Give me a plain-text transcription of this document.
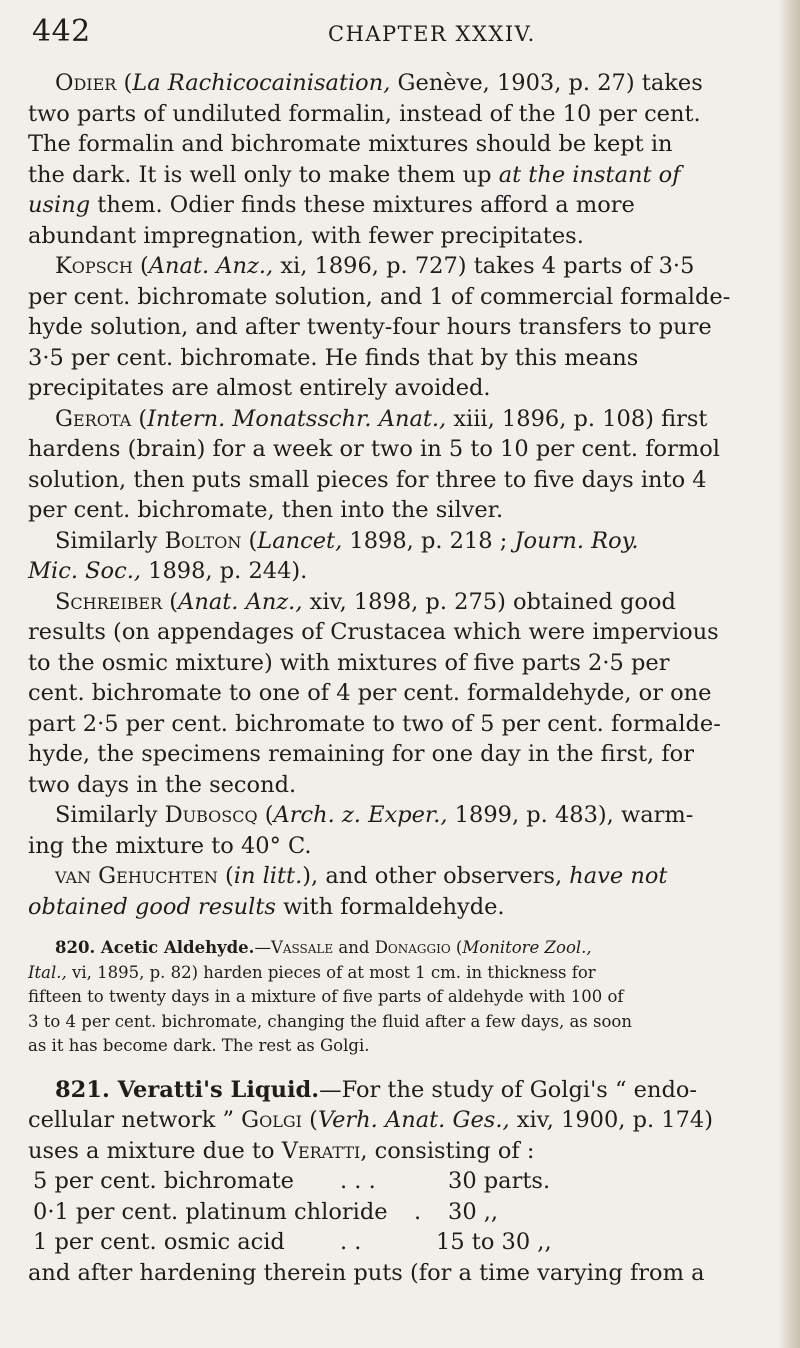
442	CHAPTER XXXIV.
Odier (La Rachicocainisation, Genève, 1903, p. 27) takes
two parts of undiluted formalin, instead of the 10 per cent.
The formalin and bichromate mixtures should be kept in
the dark. It is well only to make them up at the instant of
using them. Odier finds these mixtures afford a more
abundant impregnation, with fewer precipitates.
Kopsch (Anat. Anz., xi, 1896, p. 727) takes 4 parts of 3·5
per cent. bichromate solution, and 1 of commercial formalde-
hyde solution, and after twenty-four hours transfers to pure
3·5 per cent. bichromate. He finds that by this means
precipitates are almost entirely avoided.
Gerota (Intern. Monatsschr. Anat., xiii, 1896, p. 108) first
hardens (brain) for a week or two in 5 to 10 per cent. formol
solution, then puts small pieces for three to five days into 4
per cent. bichromate, then into the silver.
Similarly Bolton (Lancet, 1898, p. 218 ; Journ. Roy.
Mic. Soc., 1898, p. 244).
Schreiber (Anat. Anz., xiv, 1898, p. 275) obtained good
results (on appendages of Crustacea which were impervious
to the osmic mixture) with mixtures of five parts 2·5 per
cent. bichromate to one of 4 per cent. formaldehyde, or one
part 2·5 per cent. bichromate to two of 5 per cent. formalde-
hyde, the specimens remaining for one day in the first, for
two days in the second.
Similarly Duboscq (Arch. z. Exper., 1899, p. 483), warm-
ing the mixture to 40° C.
van Gehuchten (in litt.), and other observers, have not
obtained good results with formaldehyde.
820. Acetic Aldehyde.—Vassale and Donaggio (Monitore Zool.,
Ital., vi, 1895, p. 82) harden pieces of at most 1 cm. in thickness for
fifteen to twenty days in a mixture of five parts of aldehyde with 100 of
3 to 4 per cent. bichromate, changing the fluid after a few days, as soon
as it has become dark. The rest as Golgi.
821. Veratti's Liquid.—For the study of Golgi's “ endo-
cellular network ” Golgi (Verh. Anat. Ges., xiv, 1900, p. 174)
uses a mixture due to Veratti, consisting of :
5 per cent. bichromate . . .	30 parts.
0·1 per cent. platinum chloride . 30 ,,
1 per cent. osmic acid . .	15 to 30 ,,
and after hardening therein puts (for a time varying from a
